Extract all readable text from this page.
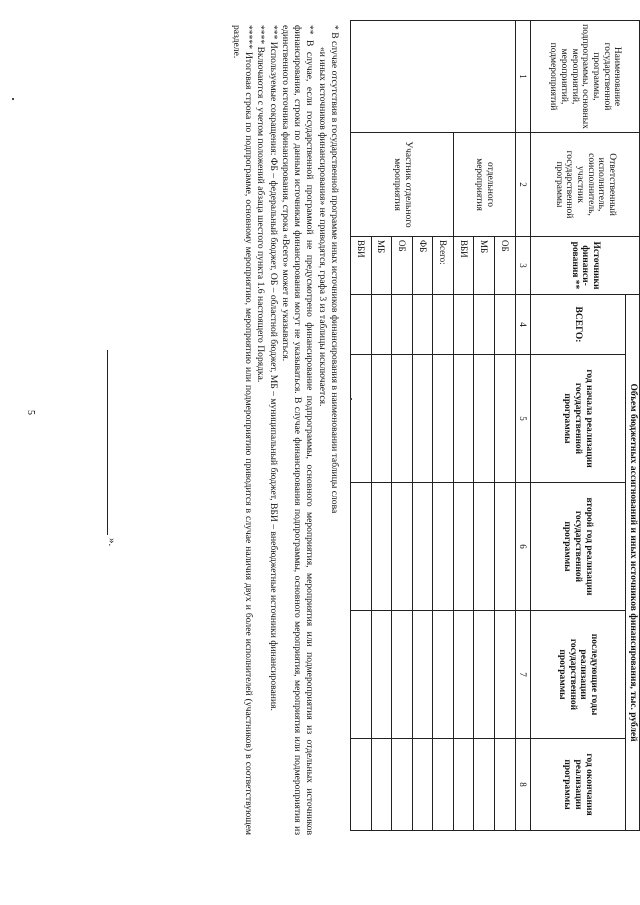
5
Наименование государственной программы, подпрограммы, основных мероприятий, мероприятий, подмероприятий	Ответственный исполнитель, соисполнитель, участник государственной программы	Источники финанси-рования **	Объем бюджетных ассигнований и иных источников финансирования, тыс. рублей				
			ВСЕГО:	год начала реализации государственной программы	второй год реализации государственной программы	последующие годы реализации государственной программы	год окончания реализации программы
1	2	3	4	5	6	7	8
	отдельного мероприятия	ОБ					
		МБ					
		ВБИ					
	Участник отдельного мероприятия	Всего:					
		ФБ					
		ОБ					
		МБ					
		ВБИ					

* В случае отсутствия в государственной программе иных источников финансирования в наименовании таблицы слова

«и иных источников финансирования» не приводятся, графа 3 из таблицы исключается.

** В случае, если государственной программой не предусмотрено финансирование подпрограммы, основного мероприятия, мероприятия или подмероприятия из отдельных источников финансирования, строки по данным источникам финансирования могут не указываться. В случае финансирования подпрограммы, основного мероприятия, мероприятия или подмероприятия из единственного источника финансирования, строка «Всего» может не указываться.

*** Используемые сокращения: ФБ – федеральный бюджет, ОБ – областной бюджет, МБ – муниципальный бюджет, ВБИ – внебюджетные источники финансирования.

**** Включаются с учетом положений абзаца шестого пункта 1.6 настоящего Порядка.

***** Итоговая строка по подпрограмме, основному мероприятию, мероприятию или подмероприятию приводится в случае наличия двух и более исполнителей (участников) в соответствующем разделе.

».
